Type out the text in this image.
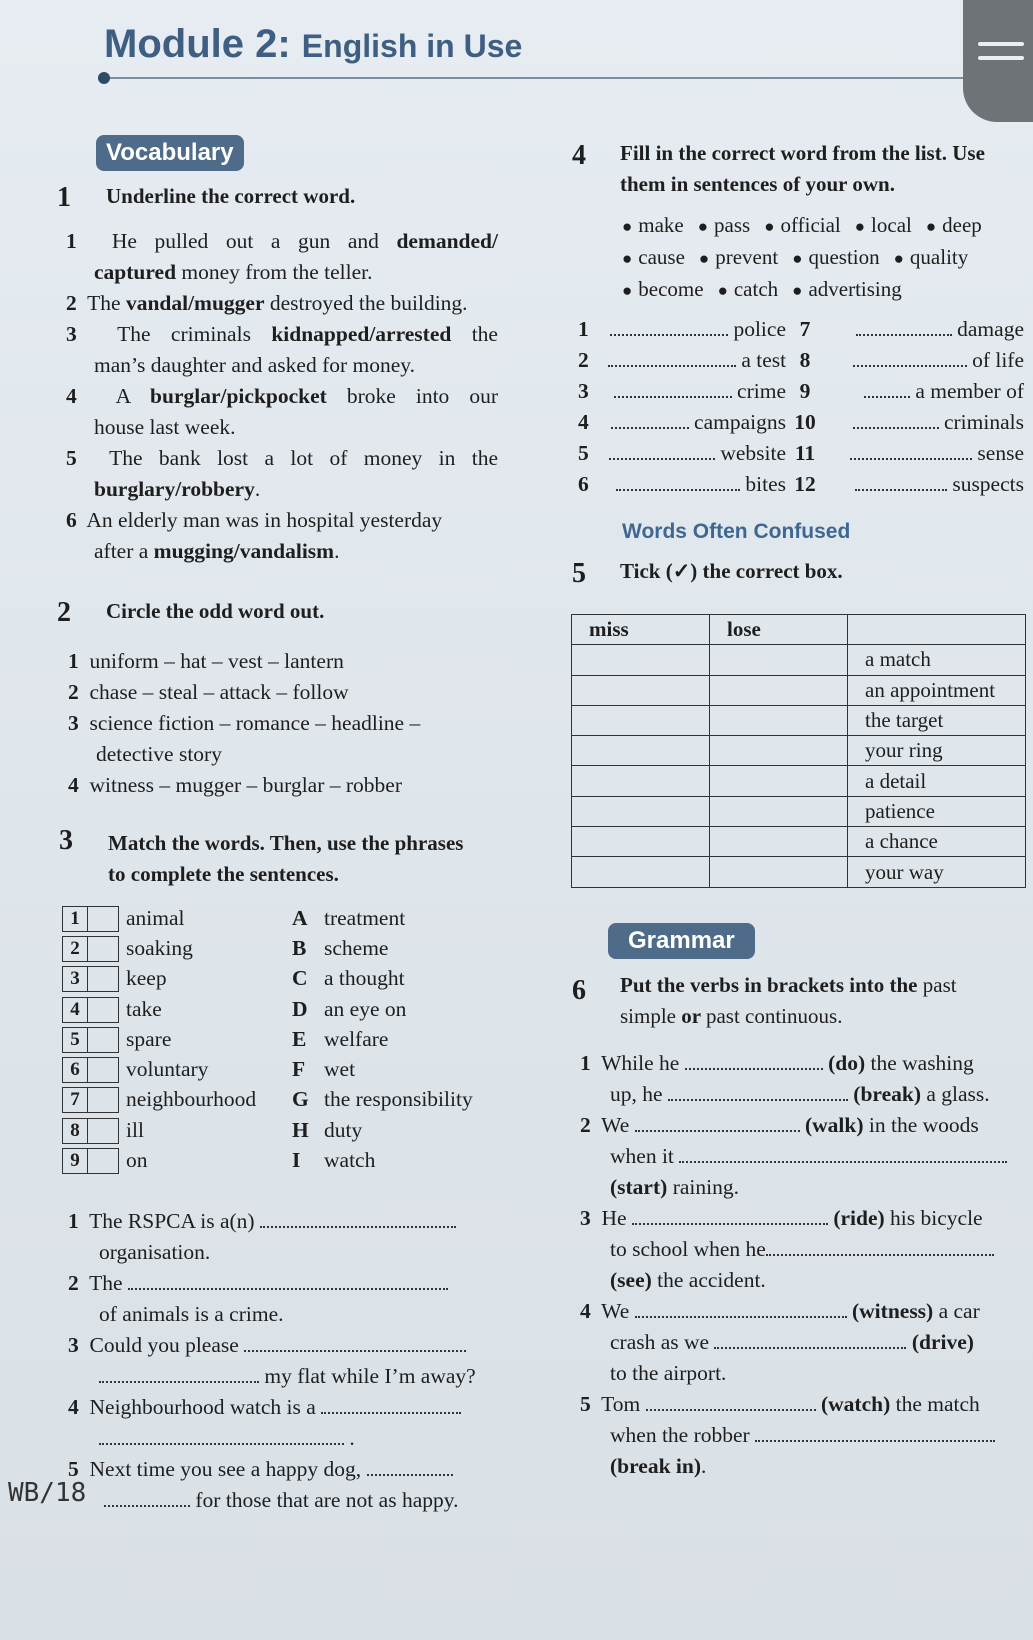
Module 2: English in Use
Vocabulary
1 Underline the correct word.
1 He pulled out a gun and demanded/
captured money from the teller.
2 The vandal/mugger destroyed the building.
3 The criminals kidnapped/arrested the
man’s daughter and asked for money.
4 A burglar/pickpocket broke into our
house last week.
5 The bank lost a lot of money in the
burglary/robbery.
6 An elderly man was in hospital yesterday
after a mugging/vandalism.
2 Circle the odd word out.
1 uniform – hat – vest – lantern
2 chase – steal – attack – follow
3 science fiction – romance – headline –
detective story
4 witness – mugger – burglar – robber
3 Match the words. Then, use the phrases
to complete the sentences.
1	animal	A	treatment

2	soaking	B	scheme

3	keep	C	a thought

4	take	D	an eye on

5	spare	E	welfare

6	voluntary	F	wet

7	neighbourhood	G	the responsibility

8	ill	H	duty

9	on	I	watch
1 The RSPCA is a(n)
organisation.
2 The
of animals is a crime.
3 Could you please
my flat while I’m away?
4 Neighbourhood watch is a
.
5 Next time you see a happy dog,
for those that are not as happy.
4 Fill in the correct word from the list. Use
them in sentences of your own.
● make ● pass ● official ● local ● deep
● cause ● prevent ● question ● quality
● become ● catch ● advertising
1	police 7	damage
2	a test 8	of life
3	crime 9	a member of
4	campaigns 10	criminals
5	website 11	sense
6	bites 12	suspects
Words Often Confused
5 Tick (✓) the correct box.
miss	lose	
		a match
		an appointment
		the target
		your ring
		a detail
		patience
		a chance
		your way
Grammar
6 Put the verbs in brackets into the past
simple or past continuous.
1 While he	(do) the washing
up, he	(break) a glass.
2 We	(walk) in the woods
when it
(start) raining.
3 He	(ride) his bicycle
to school when he
(see) the accident.
4 We	(witness) a car
crash as we	(drive)
to the airport.
5 Tom	(watch) the match
when the robber
(break in).
WB/18
